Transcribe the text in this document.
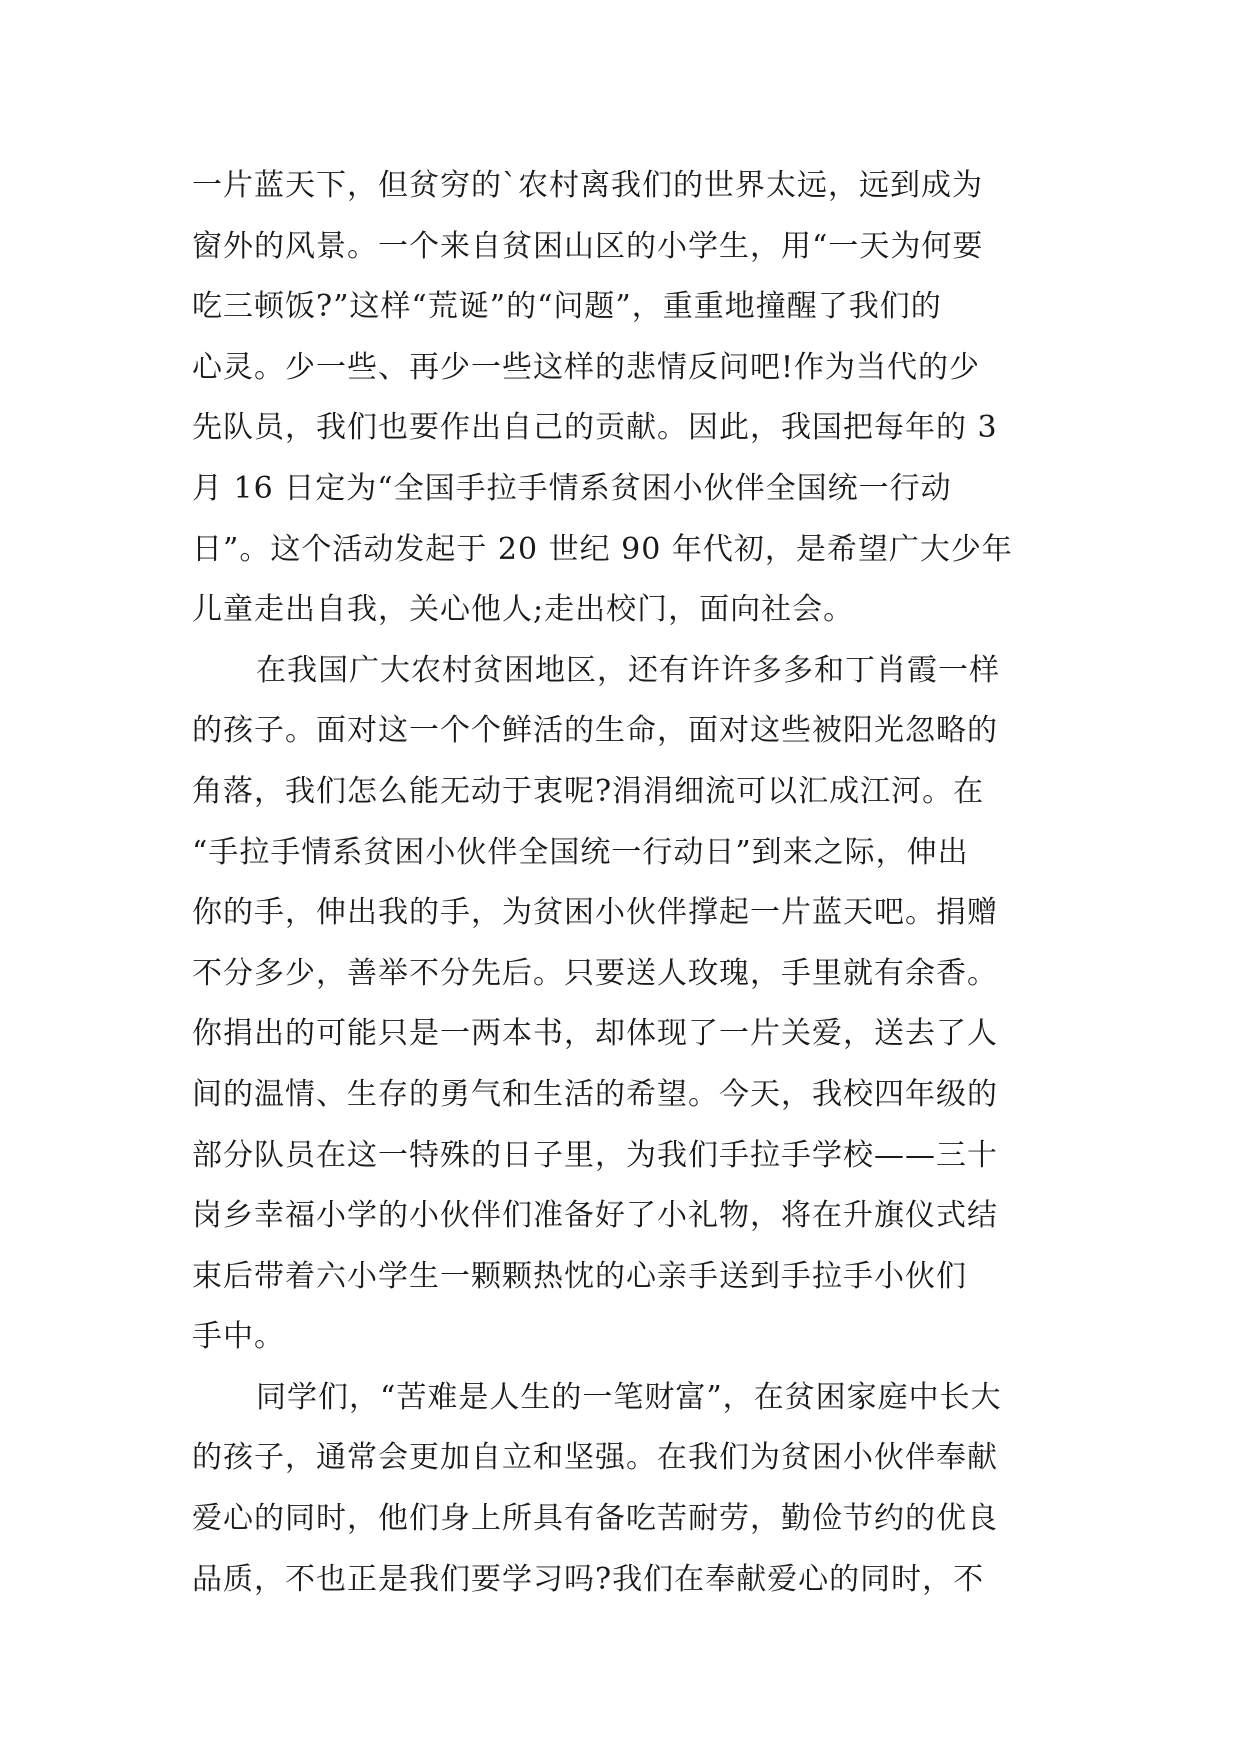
一片蓝天下，但贫穷的`农村离我们的世界太远，远到成为
窗外的风景。一个来自贫困山区的小学生，用“一天为何要
吃三顿饭?”这样“荒诞”的“问题”，重重地撞醒了我们的
心灵。少一些、再少一些这样的悲情反问吧!作为当代的少
先队员，我们也要作出自己的贡献。因此，我国把每年的 3
月 16 日定为“全国手拉手情系贫困小伙伴全国统一行动
日”。这个活动发起于 20 世纪 90 年代初，是希望广大少年
儿童走出自我，关心他人;走出校门，面向社会。
在我国广大农村贫困地区，还有许许多多和丁肖霞一样
的孩子。面对这一个个鲜活的生命，面对这些被阳光忽略的
角落，我们怎么能无动于衷呢?涓涓细流可以汇成江河。在
“手拉手情系贫困小伙伴全国统一行动日”到来之际，伸出
你的手，伸出我的手，为贫困小伙伴撑起一片蓝天吧。捐赠
不分多少，善举不分先后。只要送人玫瑰，手里就有余香。
你捐出的可能只是一两本书，却体现了一片关爱，送去了人
间的温情、生存的勇气和生活的希望。今天，我校四年级的
部分队员在这一特殊的日子里，为我们手拉手学校——三十
岗乡幸福小学的小伙伴们准备好了小礼物，将在升旗仪式结
束后带着六小学生一颗颗热忱的心亲手送到手拉手小伙们
手中。
同学们，“苦难是人生的一笔财富”，在贫困家庭中长大
的孩子，通常会更加自立和坚强。在我们为贫困小伙伴奉献
爱心的同时，他们身上所具有备吃苦耐劳，勤俭节约的优良
品质，不也正是我们要学习吗?我们在奉献爱心的同时，不
